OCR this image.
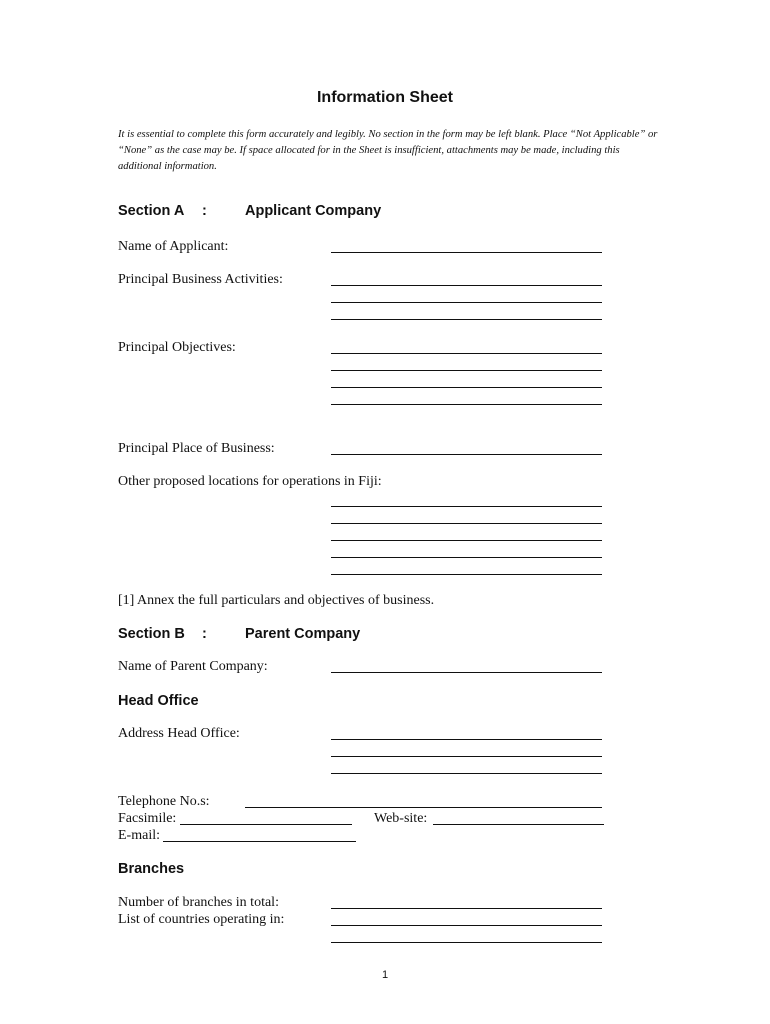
Information Sheet
It is essential to complete this form accurately and legibly. No section in the form may be left blank. Place “Not Applicable” or “None” as the case may be. If space allocated for in the Sheet is insufficient, attachments may be made, including this additional information.
Section A :	Applicant Company
Name of Applicant:
Principal Business Activities:
Principal Objectives:
Principal Place of Business:
Other proposed locations for operations in Fiji:
[1] Annex the full particulars and objectives of business.
Section B :	Parent Company
Name of Parent Company:
Head Office
Address Head Office:
Telephone No.s:
Facsimile:	Web-site:
E-mail:
Branches
Number of branches in total:
List of countries operating in:
1
